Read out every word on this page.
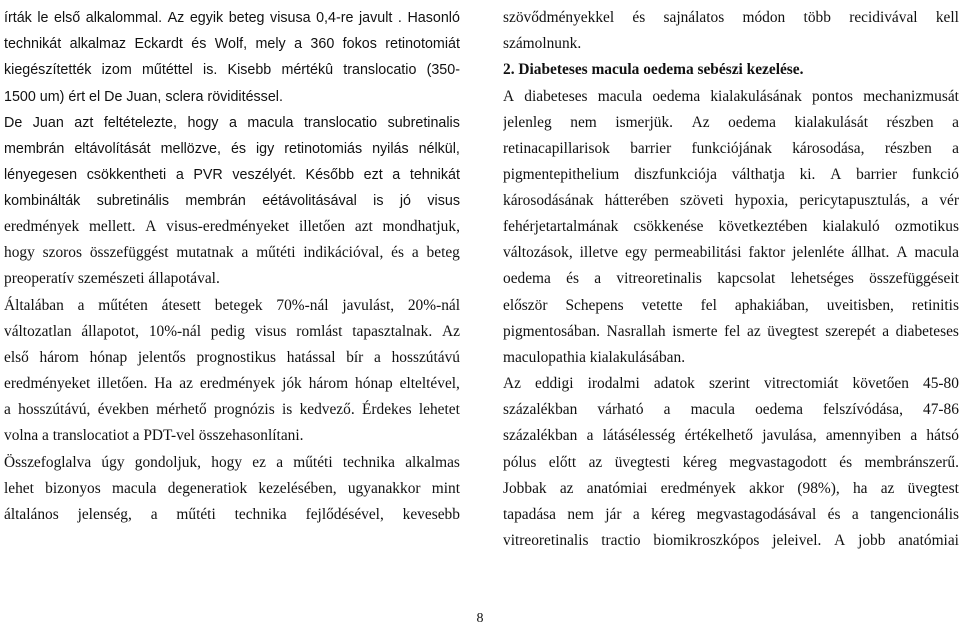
írták le első alkalommal. Az egyik beteg visusa 0,4-re javult . Hasonló
technikát alkalmaz Eckardt és Wolf, mely a 360 fokos retinotomiát
kiegészítették izom műtéttel is. Kisebb mértékû translocatio (350-
1500 um) ért el De Juan, sclera röviditéssel.
De Juan azt feltételezte, hogy a macula translocatio subretinalis
membrán eltávolítását mellözve, és igy retinotomiás nyilás nélkül,
lényegesen csökkentheti a PVR veszélyét. Később ezt a tehnikát
kombinálták subretinális membrán eétávolitásával is jó visus
eredmények mellett. A visus-eredményeket illetően azt mondhatjuk,
hogy szoros összefüggést mutatnak a műtéti indikációval, és a beteg
preoperatív szemészeti állapotával.
Általában a műtéten átesett betegek 70%-nál javulást, 20%-nál
változatlan állapotot, 10%-nál pedig visus romlást tapasztalnak. Az
első három hónap jelentős prognostikus hatással bír a hosszútávú
eredményeket illetően. Ha az eredmények jók három hónap elteltével,
a hosszútávú, években mérhető prognózis is kedvező. Érdekes lehetet
volna a translocatiot a PDT-vel összehasonlítani.
Összefoglalva úgy gondoljuk, hogy ez a műtéti technika alkalmas
lehet bizonyos macula degeneratiok kezelésében, ugyanakkor mint
általános jelenség, a műtéti technika fejlődésével, kevesebb
szövődményekkel és sajnálatos módon több recidivával kell
számolnunk.
2. Diabeteses macula oedema sebészi kezelése.
A diabeteses macula oedema kialakulásának pontos mechanizmusát
jelenleg nem ismerjük. Az oedema kialakulását részben a
retinacapillarisok barrier funkciójának károsodása, részben a
pigmentepithelium diszfunkciója válthatja ki. A barrier funkció
károsodásának hátterében szöveti hypoxia, pericytapusztulás, a vér
fehérjetartalmának csökkenése következtében kialakuló ozmotikus
változások, illetve egy permeabilitási faktor jelenléte állhat. A macula
oedema és a vitreoretinalis kapcsolat lehetséges összefüggéseit
először Schepens vetette fel aphakiában, uveitisben, retinitis
pigmentosában. Nasrallah ismerte fel az üvegtest szerepét a diabeteses
maculopathia kialakulásában.
Az eddigi irodalmi adatok szerint vitrectomiát követően 45-80
százalékban várható a macula oedema felszívódása, 47-86
százalékban a látásélesség értékelhető javulása, amennyiben a hátsó
pólus előtt az üvegtesti kéreg megvastagodott és membránszerű.
Jobbak az anatómiai eredmények akkor (98%), ha az üvegtest
tapadása nem jár a kéreg megvastagodásával és a tangencionális
vitreoretinalis tractio biomikroszkópos jeleivel. A jobb anatómiai
8
